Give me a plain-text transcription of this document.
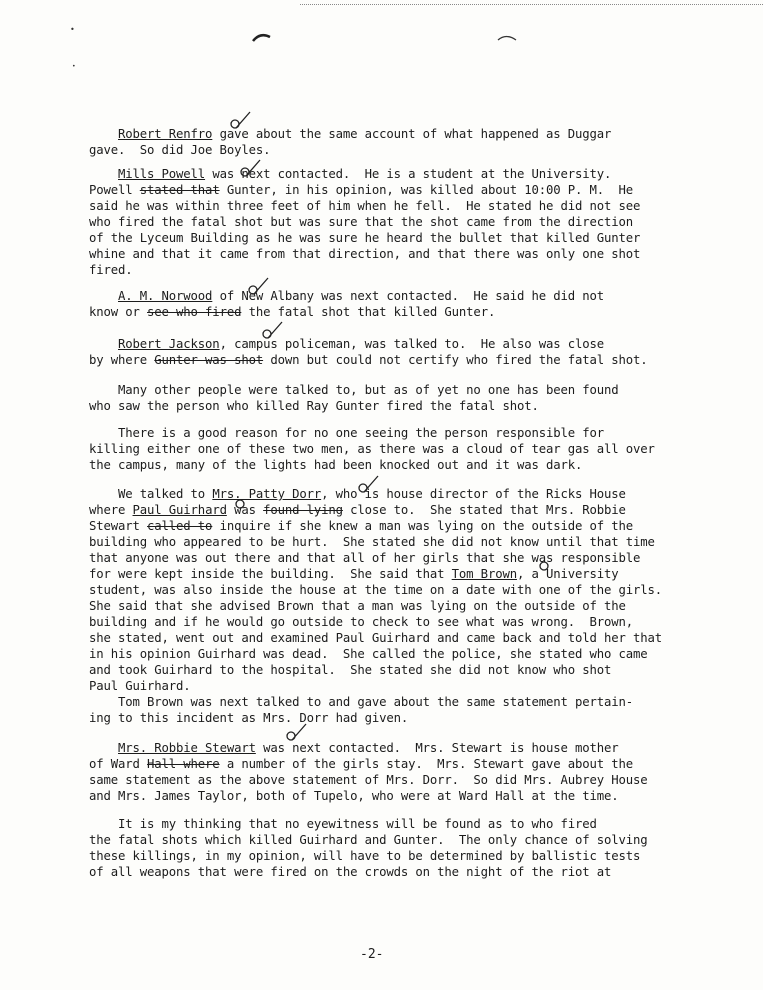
•
•

Robert Renfro gave about the same account of what happened as Duggar
gave.  So did Joe Boyles.

Mills Powell was next contacted.  He is a student at the University.
Powell stated that Gunter, in his opinion, was killed about 10:00 P. M.  He
said he was within three feet of him when he fell.  He stated he did not see
who fired the fatal shot but was sure that the shot came from the direction
of the Lyceum Building as he was sure he heard the bullet that killed Gunter
whine and that it came from that direction, and that there was only one shot
fired.

A. M. Norwood of New Albany was next contacted.  He said he did not
know or see who fired the fatal shot that killed Gunter.

Robert Jackson, campus policeman, was talked to.  He also was close
by where Gunter was shot down but could not certify who fired the fatal shot.

Many other people were talked to, but as of yet no one has been found
who saw the person who killed Ray Gunter fired the fatal shot.

There is a good reason for no one seeing the person responsible for
killing either one of these two men, as there was a cloud of tear gas all over
the campus, many of the lights had been knocked out and it was dark.

We talked to Mrs. Patty Dorr, who is house director of the Ricks House
where Paul Guirhard was found lying close to.  She stated that Mrs. Robbie
Stewart called to inquire if she knew a man was lying on the outside of the
building who appeared to be hurt.  She stated she did not know until that time
that anyone was out there and that all of her girls that she was responsible
for were kept inside the building.  She said that Tom Brown, a University
student, was also inside the house at the time on a date with one of the girls.
She said that she advised Brown that a man was lying on the outside of the
building and if he would go outside to check to see what was wrong.  Brown,
she stated, went out and examined Paul Guirhard and came back and told her that
in his opinion Guirhard was dead.  She called the police, she stated who came
and took Guirhard to the hospital.  She stated she did not know who shot
Paul Guirhard.

Tom Brown was next talked to and gave about the same statement pertain-
ing to this incident as Mrs. Dorr had given.

Mrs. Robbie Stewart was next contacted.  Mrs. Stewart is house mother
of Ward Hall where a number of the girls stay.  Mrs. Stewart gave about the
same statement as the above statement of Mrs. Dorr.  So did Mrs. Aubrey House
and Mrs. James Taylor, both of Tupelo, who were at Ward Hall at the time.

It is my thinking that no eyewitness will be found as to who fired
the fatal shots which killed Guirhard and Gunter.  The only chance of solving
these killings, in my opinion, will have to be determined by ballistic tests
of all weapons that were fired on the crowds on the night of the riot at

-2-
